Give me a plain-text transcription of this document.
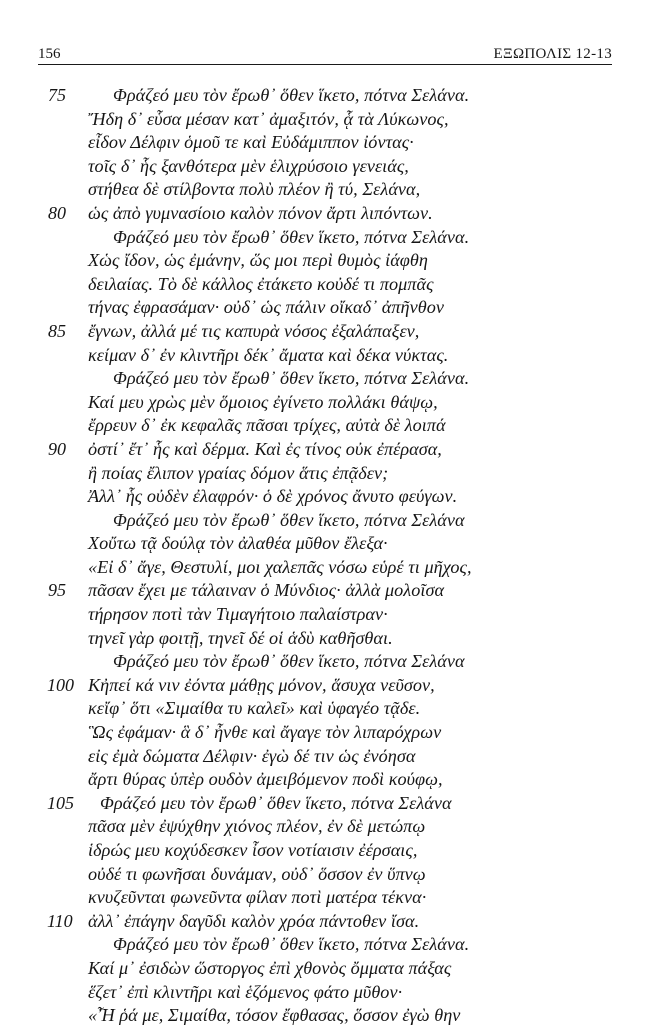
156	ΕΞΩΠΟΛΙΣ 12-13
75	Φράζεό μευ τὸν ἔρωθ᾽ ὅθεν ἵκετο, πότνα Σελάνα.
Ἤδη δ᾽ εὗσα μέσαν κατ᾽ ἀμαξιτόν, ᾇ τὰ Λύκωνος,
εἶδον Δέλφιν ὁμοῦ τε καὶ Εὐδάμιππον ἰόντας·
τοῖς δ᾽ ἧς ξανθότερα μὲν ἑλιχρύσοιο γενειάς,
στήθεα δὲ στίλβοντα πολὺ πλέον ἢ τύ, Σελάνα,
80 ὡς ἀπὸ γυμνασίοιο καλὸν πόνον ἄρτι λιπόντων.
Φράζεό μευ τὸν ἔρωθ᾽ ὅθεν ἵκετο, πότνα Σελάνα.
Χὡς ἴδον, ὡς ἐμάνην, ὥς μοι περὶ θυμὸς ἰάφθη
δειλαίας. Τὸ δὲ κάλλος ἐτάκετο κοὐδέ τι πομπᾶς
τήνας ἐφρασάμαν· οὐδ᾽ ὡς πάλιν οἴκαδ᾽ ἀπῆνθον
85 ἔγνων, ἀλλά μέ τις καπυρὰ νόσος ἐξαλάπαξεν,
κείμαν δ᾽ ἐν κλιντῆρι δέκ᾽ ἄματα καὶ δέκα νύκτας.
Φράζεό μευ τὸν ἔρωθ᾽ ὅθεν ἵκετο, πότνα Σελάνα.
Καί μευ χρὼς μὲν ὅμοιος ἐγίνετο πολλάκι θάψῳ,
ἔρρευν δ᾽ ἐκ κεφαλᾶς πᾶσαι τρίχες, αὐτὰ δὲ λοιπά
90 ὀστί᾽ ἔτ᾽ ἧς καὶ δέρμα. Καὶ ἐς τίνος οὐκ ἐπέρασα,
ἢ ποίας ἔλιπον γραίας δόμον ἅτις ἐπᾷδεν;
Ἀλλ᾽ ἧς οὐδὲν ἐλαφρόν· ὁ δὲ χρόνος ἄνυτο φεύγων.
Φράζεό μευ τὸν ἔρωθ᾽ ὅθεν ἵκετο, πότνα Σελάνα
Χοὔτω τᾷ δούλᾳ τὸν ἀλαθέα μῦθον ἔλεξα·
«Εἰ δ᾽ ἄγε, Θεστυλί, μοι χαλεπᾶς νόσω εὑρέ τι μῆχος,
95 πᾶσαν ἔχει με τάλαιναν ὁ Μύνδιος· ἀλλὰ μολοῖσα
τήρησον ποτὶ τὰν Τιμαγήτοιο παλαίστραν·
τηνεῖ γὰρ φοιτῇ, τηνεῖ δέ οἱ ἁδὺ καθῆσθαι.
Φράζεό μευ τὸν ἔρωθ᾽ ὅθεν ἵκετο, πότνα Σελάνα
100 Κἠπεί κά νιν ἐόντα μάθῃς μόνον, ἅσυχα νεῦσον,
κεἴφ᾽ ὅτι «Σιμαίθα τυ καλεῖ» καὶ ὑφαγέο τᾷδε.
Ὣς ἐφάμαν· ἃ δ᾽ ἦνθε καὶ ἄγαγε τὸν λιπαρόχρων
εἰς ἐμὰ δώματα Δέλφιν· ἐγὼ δέ τιν ὡς ἐνόησα
ἄρτι θύρας ὑπὲρ ουδὸν ἀμειβόμενον ποδὶ κούφῳ,
105 Φράζεό μευ τὸν ἔρωθ᾽ ὅθεν ἵκετο, πότνα Σελάνα
πᾶσα μὲν ἐψύχθην χιόνος πλέον, ἐν δὲ μετώπῳ
ἱδρώς μευ κοχύδεσκεν ἶσον νοτίαισιν ἐέρσαις,
οὐδέ τι φωνῆσαι δυνάμαν, οὐδ᾽ ὅσσον ἐν ὕπνῳ
κνυζεῦνται φωνεῦντα φίλαν ποτὶ ματέρα τέκνα·
110 ἀλλ᾽ ἐπάγην δαγῦδι καλὸν χρόα πάντοθεν ἴσα.
Φράζεό μευ τὸν ἔρωθ᾽ ὅθεν ἵκετο, πότνα Σελάνα.
Καί μ᾽ ἐσιδὼν ὥστοργος ἐπὶ χθονὸς ὄμματα πάξας
ἕζετ᾽ ἐπὶ κλιντῆρι καὶ ἑζόμενος φάτο μῦθον·
«Ἦ ῥά με, Σιμαίθα, τόσον ἔφθασας, ὅσσον ἐγὼ θην
